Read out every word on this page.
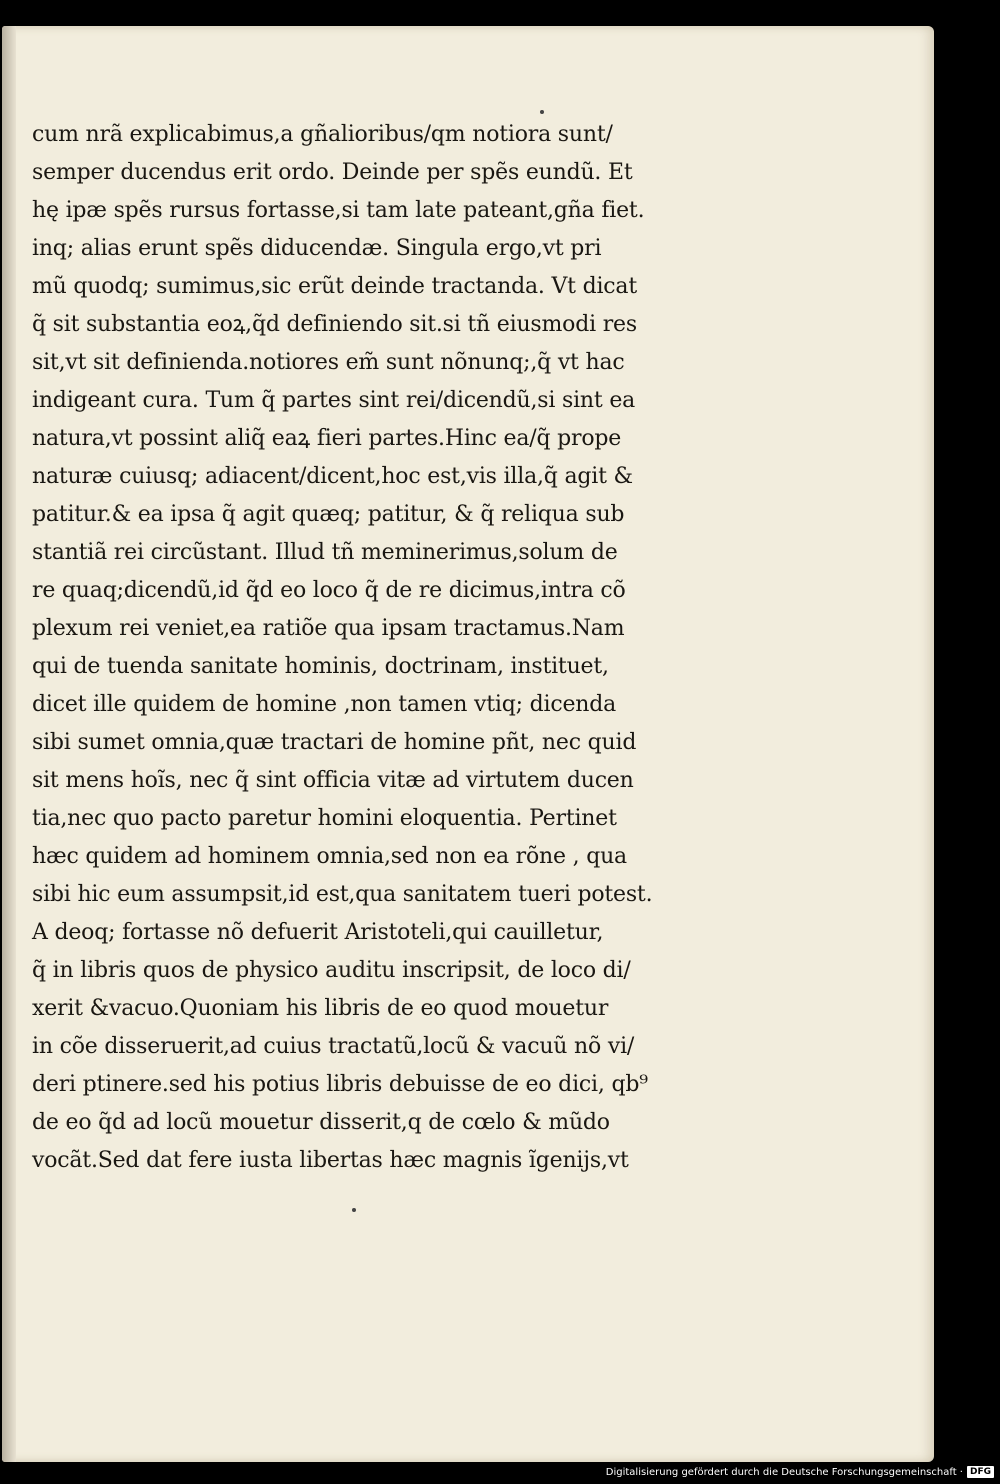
cum nrã explicabimus,a gñalioribus/qm notiora sunt/
semper ducendus erit ordo. Deinde per spẽs eundũ. Et
hę ipæ spẽs rursus fortasse,si tam late pateant,gña fiet.
inq; alias erunt spẽs diducendæ. Singula ergo,vt pri
mũ quodq; sumimus,sic erũt deinde tractanda. Vt dicat
q̃ sit substantia eoꝝ,q̃d definiendo sit.si tñ eiusmodi res
sit,vt sit definienda.notiores em̃ sunt nõnunq;,q̃ vt hac
indigeant cura. Tum q̃ partes sint rei/dicendũ,si sint ea
natura,vt possint aliq̃ eaꝝ fieri partes.Hinc ea/q̃ prope
naturæ cuiusq; adiacent/dicent,hoc est,vis illa,q̃ agit &
patitur.& ea ipsa q̃ agit quæq; patitur, & q̃ reliqua sub
stantiã rei circũstant. Illud tñ meminerimus,solum de
re quaq;dicendũ,id q̃d eo loco q̃ de re dicimus,intra cõ
plexum rei veniet,ea ratiõe qua ipsam tractamus.Nam
qui de tuenda sanitate hominis, doctrinam, instituet,
dicet ille quidem de homine ,non tamen vtiq; dicenda
sibi sumet omnia,quæ tractari de homine pñt, nec quid
sit mens hoĩs, nec q̃ sint officia vitæ ad virtutem ducen
tia,nec quo pacto paretur homini eloquentia. Pertinet
hæc quidem ad hominem omnia,sed non ea rõne , qua
sibi hic eum assumpsit,id est,qua sanitatem tueri potest.
A deoq; fortasse nõ defuerit Aristoteli,qui cauilletur,
q̃ in libris quos de physico auditu inscripsit, de loco di/
xerit &vacuo.Quoniam his libris de eo quod mouetur
in cõe disseruerit,ad cuius tractatũ,locũ & vacuũ nõ vi/
deri ptinere.sed his potius libris debuisse de eo dici, qb⁹
de eo q̃d ad locũ mouetur disserit,q de cœlo & mũdo
vocãt.Sed dat fere iusta libertas hæc magnis ĩgenijs,vt
Digitalisierung gefördert durch die Deutsche Forschungsgemeinschaft · DFG
